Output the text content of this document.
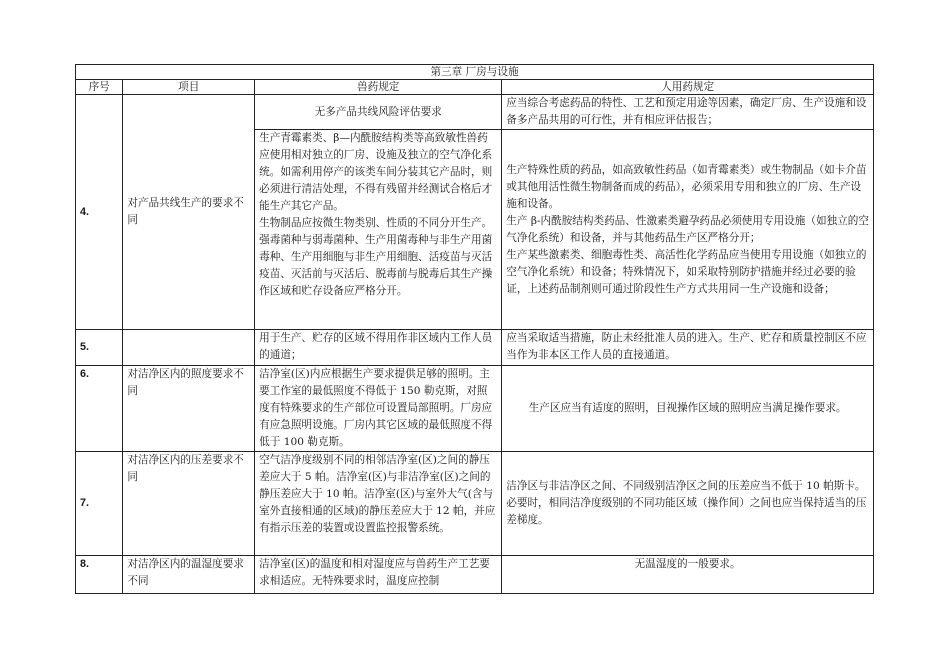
第三章 厂房与设施			
序号	项目	兽药规定	人用药规定
4.	对产品共线生产的要求不同	无多产品共线风险评估要求	应当综合考虑药品的特性、工艺和预定用途等因素，确定厂房、生产设施和设备多产品共用的可行性，并有相应评估报告；

		生产青霉素类、β—内酰胺结构类等高致敏性兽药应使用相对独立的厂房、设施及独立的空气净化系统。如需利用停产的该类车间分装其它产品时，则必须进行清洁处理，不得有残留并经测试合格后才能生产其它产品。
生物制品应按微生物类别、性质的不同分开生产。强毒菌种与弱毒菌种、生产用菌毒种与非生产用菌毒种、生产用细胞与非生产用细胞、活疫苗与灭活疫苗、灭活前与灭活后、脱毒前与脱毒后其生产操作区域和贮存设备应严格分开。	生产特殊性质的药品，如高致敏性药品（如青霉素类）或生物制品（如卡介苗或其他用活性微生物制备而成的药品），必须采用专用和独立的厂房、生产设施和设备。
生产 β-内酰胺结构类药品、性激素类避孕药品必须使用专用设施（如独立的空气净化系统）和设备，并与其他药品生产区严格分开；
生产某些激素类、细胞毒性类、高活性化学药品应当使用专用设施（如独立的空气净化系统）和设备；特殊情况下，如采取特别防护措施并经过必要的验证，上述药品制剂则可通过阶段性生产方式共用同一生产设施和设备；

5.		用于生产、贮存的区域不得用作非区域内工作人员的通道；	应当采取适当措施，防止未经批准人员的进入。生产、贮存和质量控制区不应当作为非本区工作人员的直接通道。
6.	对洁净区内的照度要求不同	洁净室(区)内应根据生产要求提供足够的照明。主要工作室的最低照度不得低于 150 勒克斯，对照度有特殊要求的生产部位可设置局部照明。厂房应有应急照明设施。厂房内其它区域的最低照度不得低于 100 勒克斯。	生产区应当有适度的照明，目视操作区域的照明应当满足操作要求。
7.	对洁净区内的压差要求不同	空气洁净度级别不同的相邻洁净室(区)之间的静压差应大于 5 帕。洁净室(区)与非洁净室(区)之间的静压差应大于 10 帕。洁净室(区)与室外大气(含与室外直接相通的区域)的静压差应大于 12 帕，并应有指示压差的装置或设置监控报警系统。	洁净区与非洁净区之间、不同级别洁净区之间的压差应当不低于 10 帕斯卡。必要时，相同洁净度级别的不同功能区域（操作间）之间也应当保持适当的压差梯度。
8.	对洁净区内的温湿度要求不同	洁净室(区)的温度和相对湿度应与兽药生产工艺要求相适应。无特殊要求时，温度应控制	无温湿度的一般要求。
